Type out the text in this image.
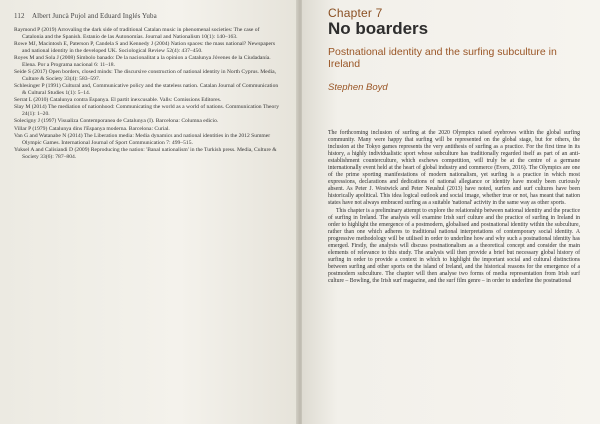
112 Albert Juncà Pujol and Eduard Inglés Yuba

Raymond P (2019) Arrovaling the dark side of traditional Catalan music in phenomenal societies: The case of Catalonia and the Spanish. Estanio de las Autonomías. Journal and Nationalism 10(1): 140–163.

Rowe MJ, Macintosh E, Paterson P, Candela S and Kennedy J (2004) Nation spaces: the mass national? Newspapers and national identity in the developed UK. Sociological Review 52(4): 437–450.

Royes M and Sola J (2008) Simbolo banado: De la nacionalitat a la opinion a Catalunya Jóvenes de la Ciudadanía. Elena. Por a Programa nacional 6: 11–18.

Seide S (2017) Open borders, closed minds: The discursive construction of national identity in North Cyprus. Media, Culture & Society 33(4): 583–597.

Schlesinger P (1991) Cultural and, Communicative policy and the stateless nation. Catalan Journal of Communication & Cultural Studies 1(1): 5–14.

Serrat L (2010) Catalunya contra Espanya. El partit inexcusable. Valls: Comissions Editores.

Slay M (2014) The mediation of nationhood: Communicating the world as a world of nations. Communication Theory 24(1): 1–20.

Solecigny J (1997) Visualiza Contemporanea de Catalunya (I). Barcelona: Columna edicio.

Villar P (1979) Catalunya dins l'Espanya moderna. Barcelona: Curial.

Van G and Watanabe N (2014) The Liberation media: Media dynamics and national identities in the 2012 Summer Olympic Games. International Journal of Sport Communication 7: 499–515.

Yuksel A and Calisiandi D (2009) Reproducing the nation: 'Banal nationalism' in the Turkish press. Media, Culture & Society 33(6): 787–804.

Chapter 7
No boarders
Postnational identity and the surfing subculture in Ireland
Stephen Boyd

The forthcoming inclusion of surfing at the 2020 Olympics raised eyebrows within the global surfing community. Many were happy that surfing will be represented on the global stage, but for others, the inclusion at the Tokyo games represents the very antithesis of surfing as a practice. For the first time in its history, a highly individualistic sport whose subculture has traditionally regarded itself as part of an anti-establishment counterculture, which eschews competition, will truly be at the centre of a germane internationally event held at the heart of global industry and commerce (Evers, 2016). The Olympics are one of the prime sporting manifestations of modern nationalism, yet surfing is a practice in which most expressions, declarations and dedications of national allegiance or identity have mostly been curiously absent. As Peter J. Westwick and Peter Neushul (2013) have noted, surfers and surf cultures have been historically apolitical. This idea logical outlook and social image, whether true or not, has meant that nation states have not always embraced surfing as a suitable 'national' activity in the same way as other sports.

This chapter is a preliminary attempt to explore the relationship between national identity and the practice of surfing in Ireland. The analysis will examine Irish surf culture and the practice of surfing in Ireland in order to highlight the emergence of a postmodern, globalised and postnational identity within the subculture, rather than one which adheres to traditional national interpretations of contemporary social identity. A progressive methodology will be utilised in order to underline how and why such a postnational identity has emerged. Firstly, the analysis will discuss postnationalism as a theoretical concept and consider the main elements of relevance to this study. The analysis will then provide a brief but necessary global history of surfing in order to provide a context in which to highlight the important social and cultural distinctions between surfing and other sports on the island of Ireland, and the historical reasons for the emergence of a postmodern subculture. The chapter will then analyse two forms of media representation from Irish surf culture – Bowling, the Irish surf magazine, and the surf film genre – in order to underline the postnational
